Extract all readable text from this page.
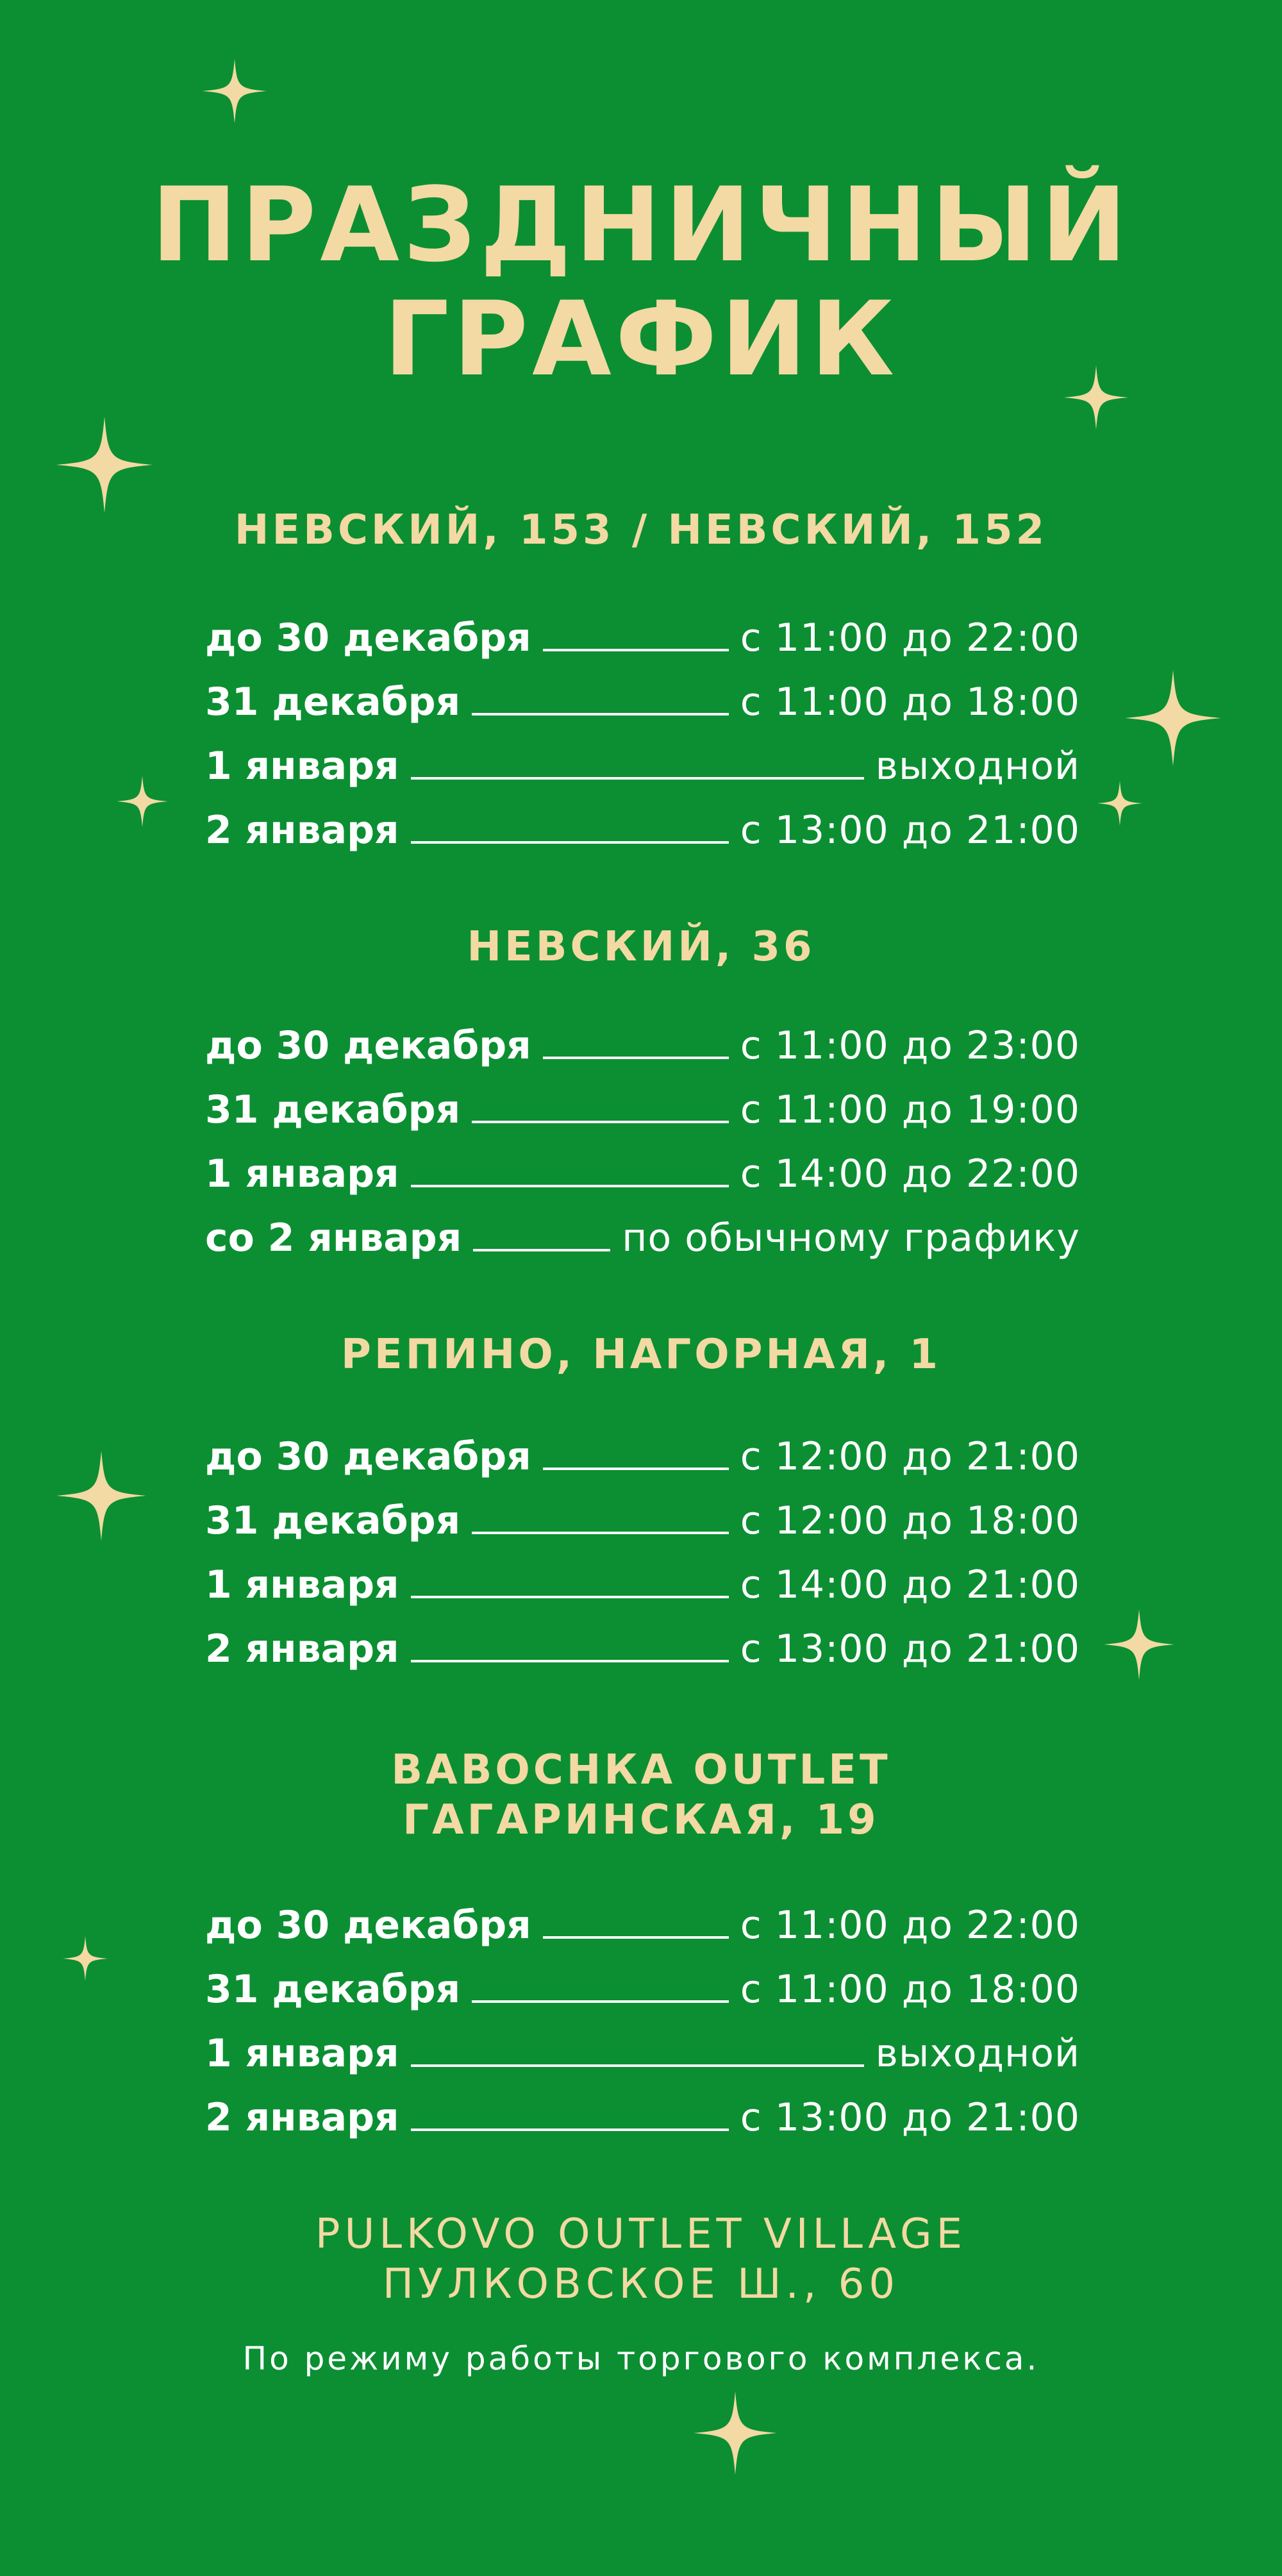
ПРАЗДНИЧНЫЙ
ГРАФИК
НЕВСКИЙ, 153 / НЕВСКИЙ, 152
до 30 декабря	с 11:00 до 22:00
31 декабря	с 11:00 до 18:00
1 января	выходной
2 января	с 13:00 до 21:00
НЕВСКИЙ, 36
до 30 декабря	с 11:00 до 23:00
31 декабря	с 11:00 до 19:00
1 января	с 14:00 до 22:00
со 2 января	по обычному графику
РЕПИНО, НАГОРНАЯ, 1
до 30 декабря	с 12:00 до 21:00
31 декабря	с 12:00 до 18:00
1 января	с 14:00 до 21:00
2 января	с 13:00 до 21:00
BAВОСНКА OUTLET
ГАГАРИНСКАЯ, 19
до 30 декабря	с 11:00 до 22:00
31 декабря	с 11:00 до 18:00
1 января	выходной
2 января	с 13:00 до 21:00
PULKOVO OUTLET VILLAGE
ПУЛКОВСКОЕ Ш., 60
По режиму работы торгового комплекса.
